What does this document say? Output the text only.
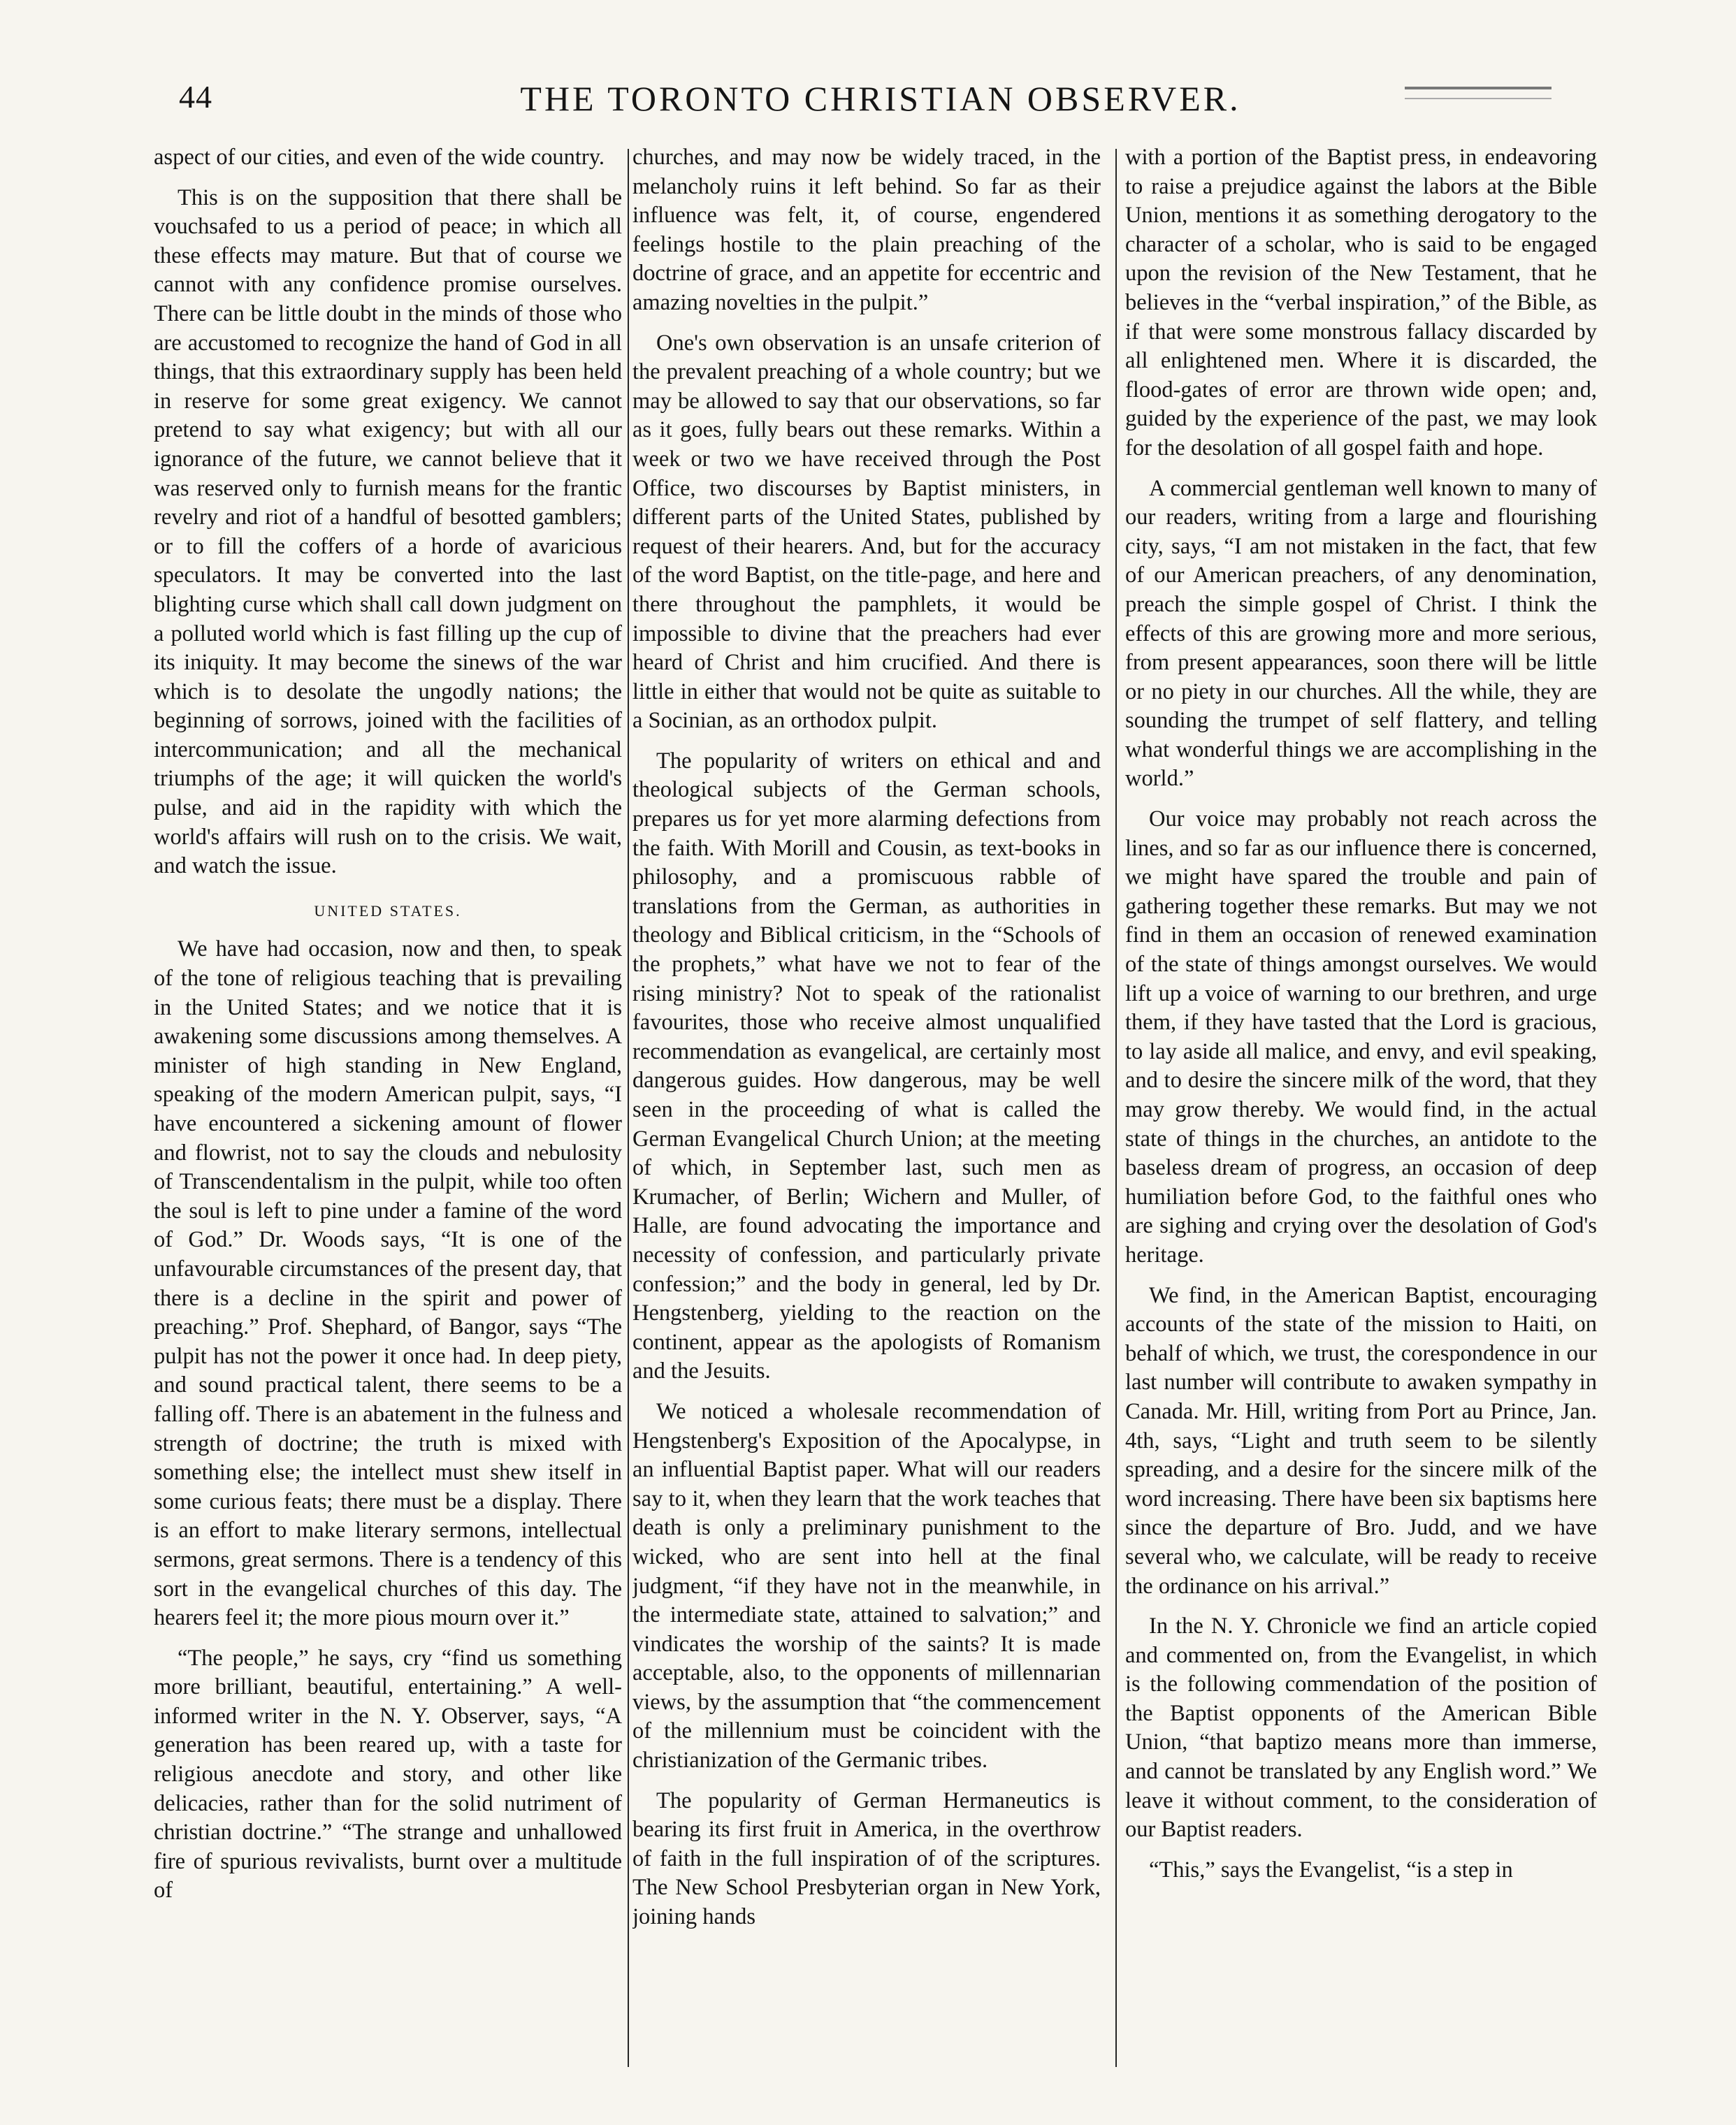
44	THE TORONTO CHRISTIAN OBSERVER.

aspect of our cities, and even of the wide country.

This is on the supposition that there shall be vouchsafed to us a period of peace; in which all these effects may mature. But that of course we cannot with any confidence promise ourselves. There can be little doubt in the minds of those who are accustomed to recognize the hand of God in all things, that this extraordinary supply has been held in reserve for some great exigency. We cannot pretend to say what exigency; but with all our ignorance of the future, we cannot believe that it was reserved only to furnish means for the frantic revelry and riot of a handful of besotted gamblers; or to fill the coffers of a horde of avaricious speculators. It may be converted into the last blighting curse which shall call down judgment on a polluted world which is fast filling up the cup of its iniquity. It may become the sinews of the war which is to desolate the ungodly nations; the beginning of sorrows, joined with the facilities of intercommunication; and all the mechanical triumphs of the age; it will quicken the world's pulse, and aid in the rapidity with which the world's affairs will rush on to the crisis. We wait, and watch the issue.

UNITED STATES.

We have had occasion, now and then, to speak of the tone of religious teaching that is prevailing in the United States; and we notice that it is awakening some discussions among themselves. A minister of high standing in New England, speaking of the modern American pulpit, says, “I have encountered a sickening amount of flower and flowrist, not to say the clouds and nebulosity of Transcendentalism in the pulpit, while too often the soul is left to pine under a famine of the word of God.” Dr. Woods says, “It is one of the unfavourable circumstances of the present day, that there is a decline in the spirit and power of preaching.” Prof. Shephard, of Bangor, says “The pulpit has not the power it once had. In deep piety, and sound practical talent, there seems to be a falling off. There is an abatement in the fulness and strength of doctrine; the truth is mixed with something else; the intellect must shew itself in some curious feats; there must be a display. There is an effort to make literary sermons, intellectual sermons, great sermons. There is a tendency of this sort in the evangelical churches of this day. The hearers feel it; the more pious mourn over it.”

“The people,” he says, cry “find us something more brilliant, beautiful, entertaining.” A well-informed writer in the N. Y. Observer, says, “A generation has been reared up, with a taste for religious anecdote and story, and other like delicacies, rather than for the solid nutriment of christian doctrine.” “The strange and unhallowed fire of spurious revivalists, burnt over a multitude of

churches, and may now be widely traced, in the melancholy ruins it left behind. So far as their influence was felt, it, of course, engendered feelings hostile to the plain preaching of the doctrine of grace, and an appetite for eccentric and amazing novelties in the pulpit.”

One's own observation is an unsafe criterion of the prevalent preaching of a whole country; but we may be allowed to say that our observations, so far as it goes, fully bears out these remarks. Within a week or two we have received through the Post Office, two discourses by Baptist ministers, in different parts of the United States, published by request of their hearers. And, but for the accuracy of the word Baptist, on the title-page, and here and there throughout the pamphlets, it would be impossible to divine that the preachers had ever heard of Christ and him crucified. And there is little in either that would not be quite as suitable to a Socinian, as an orthodox pulpit.

The popularity of writers on ethical and and theological subjects of the German schools, prepares us for yet more alarming defections from the faith. With Morill and Cousin, as text-books in philosophy, and a promiscuous rabble of translations from the German, as authorities in theology and Biblical criticism, in the “Schools of the prophets,” what have we not to fear of the rising ministry? Not to speak of the rationalist favourites, those who receive almost unqualified recommendation as evangelical, are certainly most dangerous guides. How dangerous, may be well seen in the proceeding of what is called the German Evangelical Church Union; at the meeting of which, in September last, such men as Krumacher, of Berlin; Wichern and Muller, of Halle, are found advocating the importance and necessity of confession, and particularly private confession;” and the body in general, led by Dr. Hengstenberg, yielding to the reaction on the continent, appear as the apologists of Romanism and the Jesuits.

We noticed a wholesale recommendation of Hengstenberg's Exposition of the Apocalypse, in an influential Baptist paper. What will our readers say to it, when they learn that the work teaches that death is only a preliminary punishment to the wicked, who are sent into hell at the final judgment, “if they have not in the meanwhile, in the intermediate state, attained to salvation;” and vindicates the worship of the saints? It is made acceptable, also, to the opponents of millennarian views, by the assumption that “the commencement of the millennium must be coincident with the christianization of the Germanic tribes.

The popularity of German Hermaneutics is bearing its first fruit in America, in the overthrow of faith in the full inspiration of of the scriptures. The New School Presbyterian organ in New York, joining hands

with a portion of the Baptist press, in endeavoring to raise a prejudice against the labors at the Bible Union, mentions it as something derogatory to the character of a scholar, who is said to be engaged upon the revision of the New Testament, that he believes in the “verbal inspiration,” of the Bible, as if that were some monstrous fallacy discarded by all enlightened men. Where it is discarded, the flood-gates of error are thrown wide open; and, guided by the experience of the past, we may look for the desolation of all gospel faith and hope.

A commercial gentleman well known to many of our readers, writing from a large and flourishing city, says, “I am not mistaken in the fact, that few of our American preachers, of any denomination, preach the simple gospel of Christ. I think the effects of this are growing more and more serious, from present appearances, soon there will be little or no piety in our churches. All the while, they are sounding the trumpet of self flattery, and telling what wonderful things we are accomplishing in the world.”

Our voice may probably not reach across the lines, and so far as our influence there is concerned, we might have spared the trouble and pain of gathering together these remarks. But may we not find in them an occasion of renewed examination of the state of things amongst ourselves. We would lift up a voice of warning to our brethren, and urge them, if they have tasted that the Lord is gracious, to lay aside all malice, and envy, and evil speaking, and to desire the sincere milk of the word, that they may grow thereby. We would find, in the actual state of things in the churches, an antidote to the baseless dream of progress, an occasion of deep humiliation before God, to the faithful ones who are sighing and crying over the desolation of God's heritage.

We find, in the American Baptist, encouraging accounts of the state of the mission to Haiti, on behalf of which, we trust, the corespondence in our last number will contribute to awaken sympathy in Canada. Mr. Hill, writing from Port au Prince, Jan. 4th, says, “Light and truth seem to be silently spreading, and a desire for the sincere milk of the word increasing. There have been six baptisms here since the departure of Bro. Judd, and we have several who, we calculate, will be ready to receive the ordinance on his arrival.”

In the N. Y. Chronicle we find an article copied and commented on, from the Evangelist, in which is the following commendation of the position of the Baptist opponents of the American Bible Union, “that baptizo means more than immerse, and cannot be translated by any English word.” We leave it without comment, to the consideration of our Baptist readers.

“This,” says the Evangelist, “is a step in
